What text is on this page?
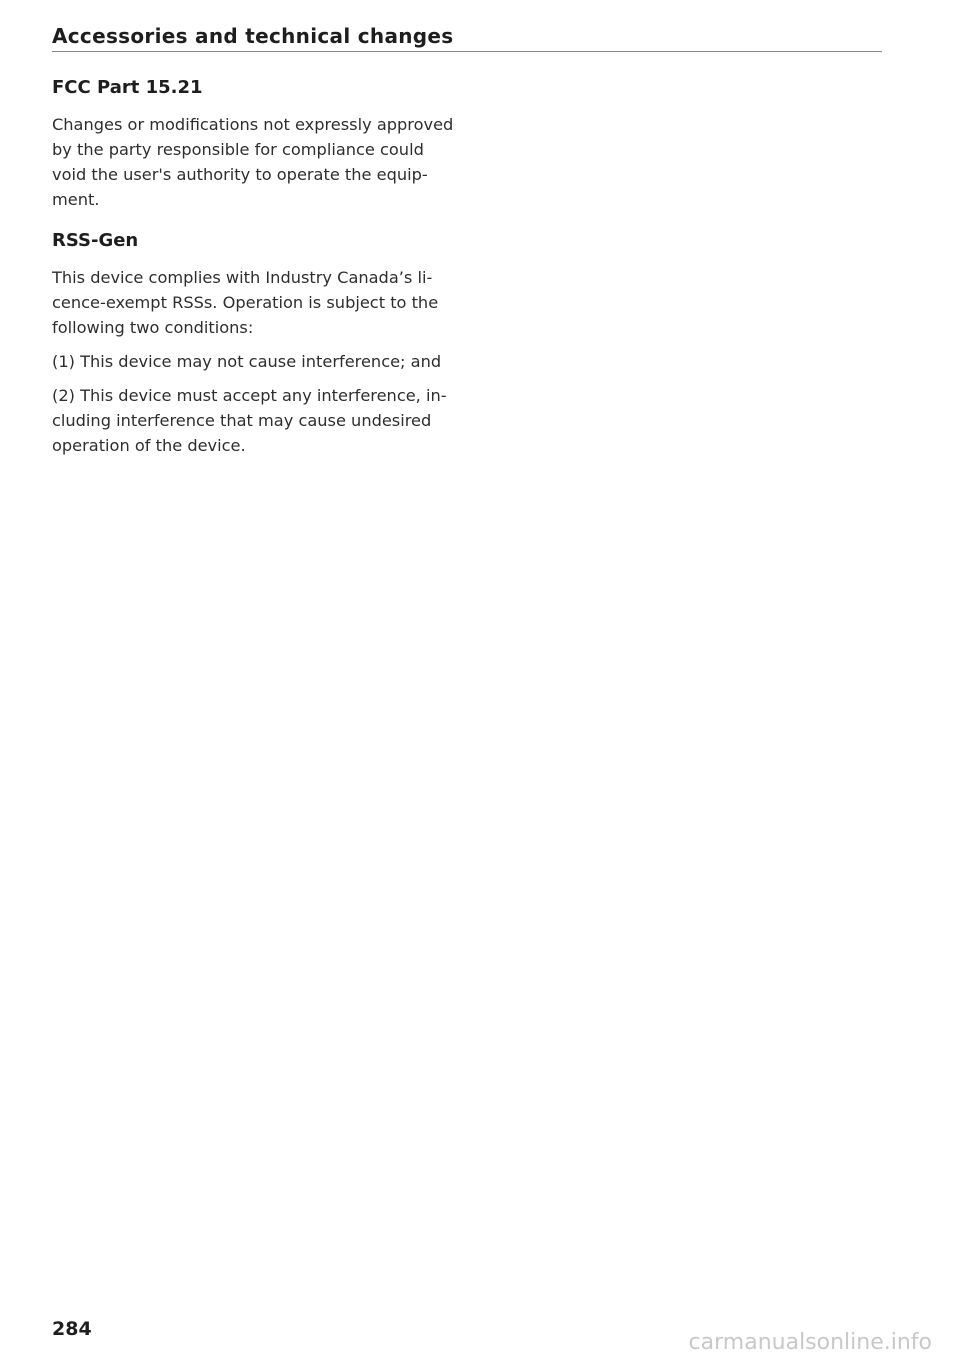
Accessories and technical changes
FCC Part 15.21

Changes or modifications not expressly approved
by the party responsible for compliance could
void the user's authority to operate the equip-
ment.

RSS-Gen

This device complies with Industry Canada’s li-
cence-exempt RSSs. Operation is subject to the
following two conditions:

(1) This device may not cause interference; and

(2) This device must accept any interference, in-
cluding interference that may cause undesired
operation of the device.

284
carmanualsonline.info
